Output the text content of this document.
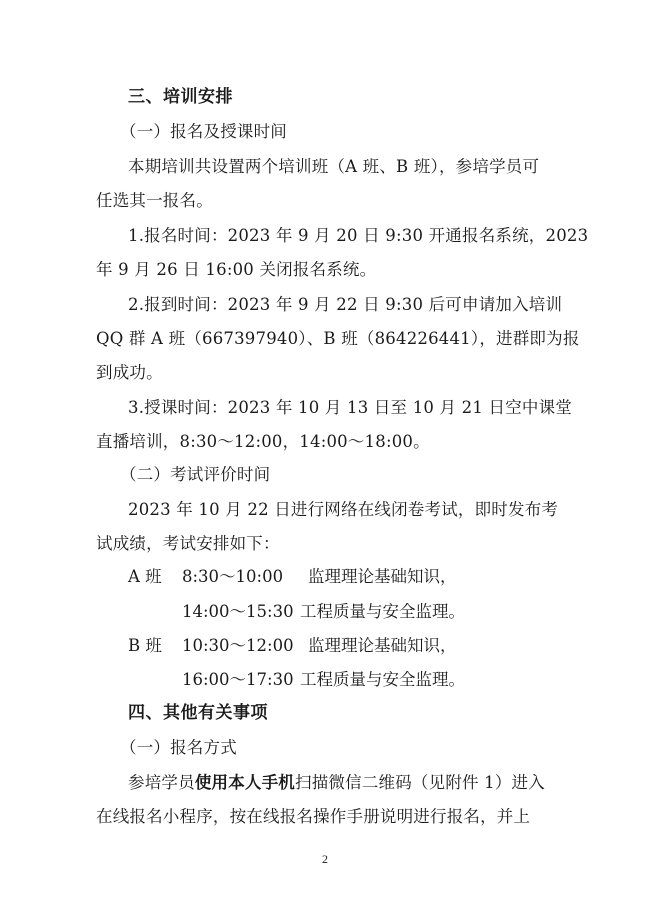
三、培训安排
（一）报名及授课时间
本期培训共设置两个培训班（A 班、B 班），参培学员可
任选其一报名。
1.报名时间：2023 年 9 月 20 日 9:30 开通报名系统，2023
年 9 月 26 日 16:00 关闭报名系统。
2.报到时间：2023 年 9 月 22 日 9:30 后可申请加入培训
QQ 群 A 班（667397940）、B 班（864226441），进群即为报
到成功。
3.授课时间：2023 年 10 月 13 日至 10 月 21 日空中课堂
直播培训，8:30～12:00，14:00～18:00。
（二）考试评价时间
2023 年 10 月 22 日进行网络在线闭卷考试，即时发布考
试成绩，考试安排如下：
A 班 8:30～10:00 监理理论基础知识，
14:00～15:30 工程质量与安全监理。
B 班 10:30～12:00 监理理论基础知识，
16:00～17:30 工程质量与安全监理。
四、其他有关事项
（一）报名方式
参培学员使用本人手机扫描微信二维码（见附件 1）进入
在线报名小程序，按在线报名操作手册说明进行报名，并上
2
